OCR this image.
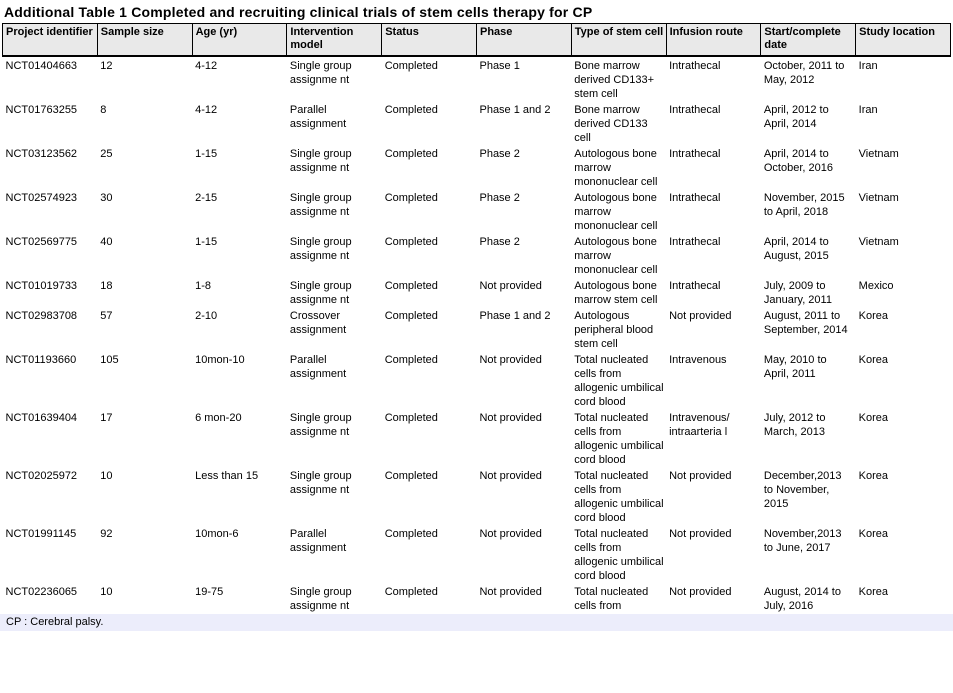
Additional Table 1 Completed and recruiting clinical trials of stem cells therapy for CP
Project identifier	Sample size	Age (yr)	Intervention model	Status	Phase	Type of stem cell	Infusion route	Start/complete date	Study location
NCT01404663	12	4-12	Single group assignme nt	Completed	Phase 1	Bone marrow derived CD133+ stem cell	Intrathecal	October, 2011 to May, 2012	Iran
NCT01763255	8	4-12	Parallel assignment	Completed	Phase 1 and 2	Bone marrow derived CD133 cell	Intrathecal	April, 2012 to April, 2014	Iran
NCT03123562	25	1-15	Single group assignme nt	Completed	Phase 2	Autologous bone marrow mononuclear cell	Intrathecal	April, 2014 to October, 2016	Vietnam
NCT02574923	30	2-15	Single group assignme nt	Completed	Phase 2	Autologous bone marrow mononuclear cell	Intrathecal	November, 2015 to April, 2018	Vietnam
NCT02569775	40	1-15	Single group assignme nt	Completed	Phase 2	Autologous bone marrow mononuclear cell	Intrathecal	April, 2014 to August, 2015	Vietnam
NCT01019733	18	1-8	Single group assignme nt	Completed	Not provided	Autologous bone marrow stem cell	Intrathecal	July, 2009 to January, 2011	Mexico
NCT02983708	57	2-10	Crossover assignment	Completed	Phase 1 and 2	Autologous peripheral blood stem cell	Not provided	August, 2011 to September, 2014	Korea
NCT01193660	105	10mon-10	Parallel assignment	Completed	Not provided	Total nucleated cells from allogenic umbilical cord blood	Intravenous	May, 2010 to April, 2011	Korea
NCT01639404	17	6 mon-20	Single group assignme nt	Completed	Not provided	Total nucleated cells from allogenic umbilical cord blood	Intravenous/ intraarteria l	July, 2012 to March, 2013	Korea
NCT02025972	10	Less than 15	Single group assignme nt	Completed	Not provided	Total nucleated cells from allogenic umbilical cord blood	Not provided	December,2013 to November, 2015	Korea
NCT01991145	92	10mon-6	Parallel assignment	Completed	Not provided	Total nucleated cells from allogenic umbilical cord blood	Not provided	November,2013 to June, 2017	Korea
NCT02236065	10	19-75	Single group assignme nt	Completed	Not provided	Total nucleated cells from	Not provided	August, 2014 to July, 2016	Korea
CP : Cerebral palsy.
